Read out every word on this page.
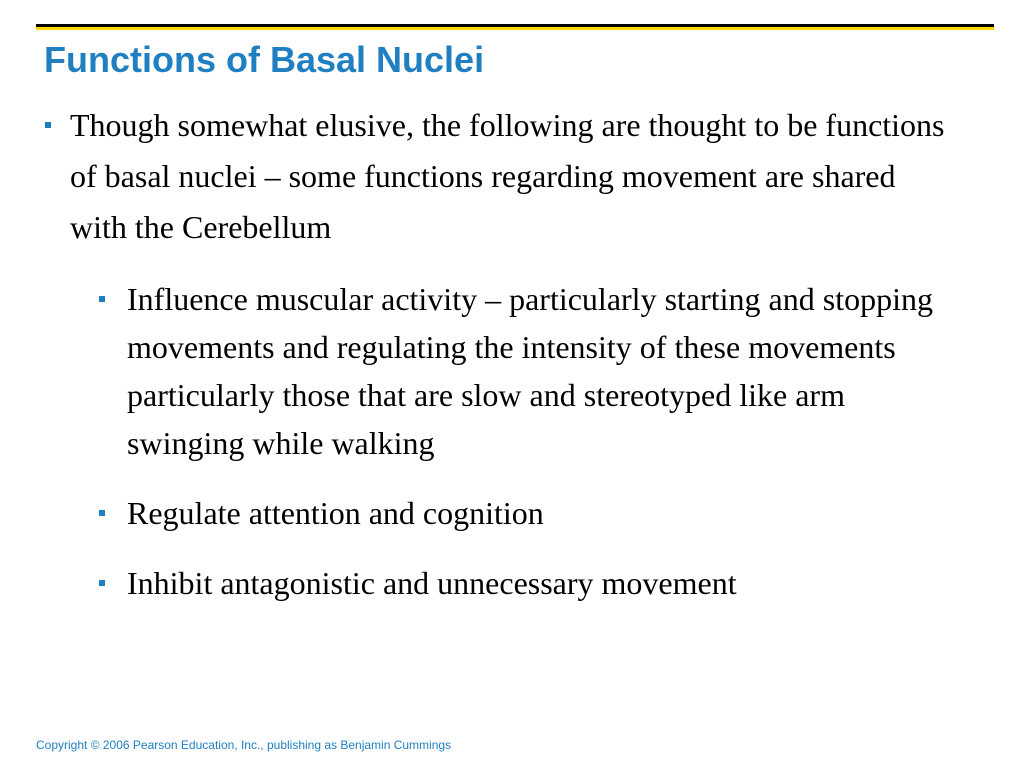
Functions of Basal Nuclei
Though somewhat elusive, the following are thought to be functions of basal nuclei – some functions regarding movement are shared with the Cerebellum
Influence muscular activity – particularly starting and stopping movements and regulating the intensity of these movements particularly those that are slow and stereotyped like arm swinging while walking
Regulate attention and cognition
Inhibit antagonistic and unnecessary movement
Copyright © 2006 Pearson Education, Inc., publishing as Benjamin Cummings
